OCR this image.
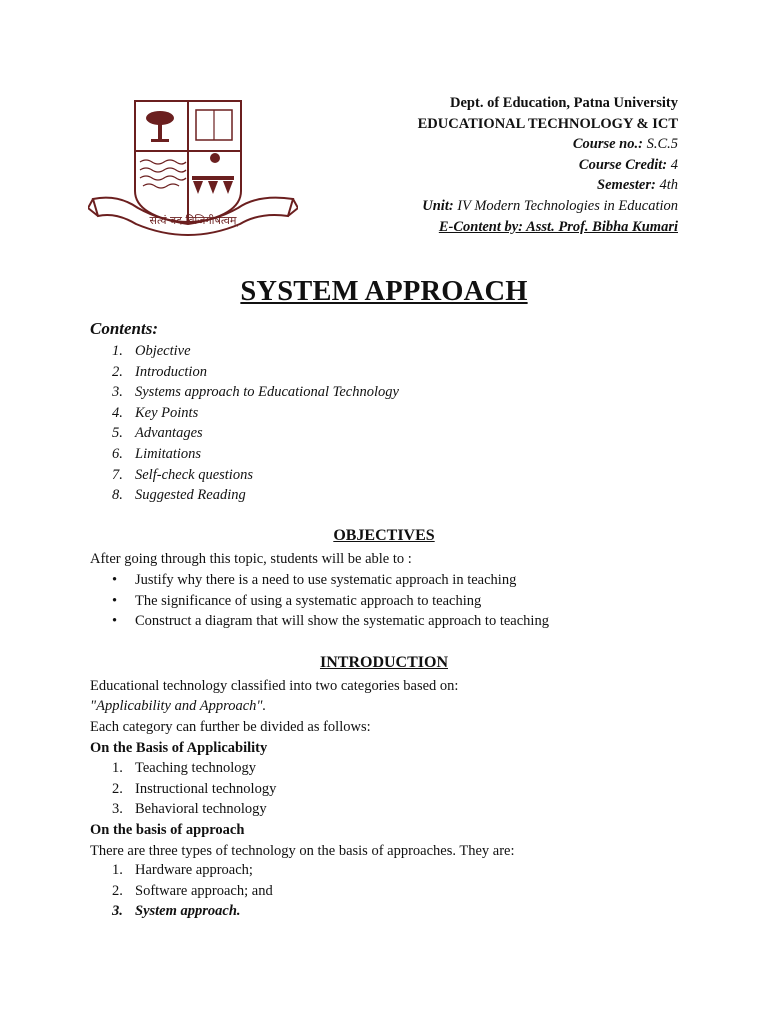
सत्यं वद विजिगीषत्वम्
Dept. of Education, Patna University
EDUCATIONAL TECHNOLOGY & ICT
Course no.: S.C.5
Course Credit: 4
Semester: 4th
Unit: IV Modern Technologies in Education
E-Content by: Asst. Prof. Bibha Kumari
SYSTEM APPROACH
Contents:
1. Objective
2. Introduction
3. Systems approach to Educational Technology
4. Key Points
5. Advantages
6. Limitations
7. Self-check questions
8. Suggested Reading
OBJECTIVES
After going through this topic, students will be able to :
• Justify why there is a need to use systematic approach in teaching
• The significance of using a systematic approach to teaching
• Construct a diagram that will show the systematic approach to teaching
INTRODUCTION
Educational technology classified into two categories based on:
"Applicability and Approach".
Each category can further be divided as follows:
On the Basis of Applicability
1. Teaching technology
2. Instructional technology
3. Behavioral technology
On the basis of approach
There are three types of technology on the basis of approaches. They are:
1. Hardware approach;
2. Software approach; and
3. System approach.
